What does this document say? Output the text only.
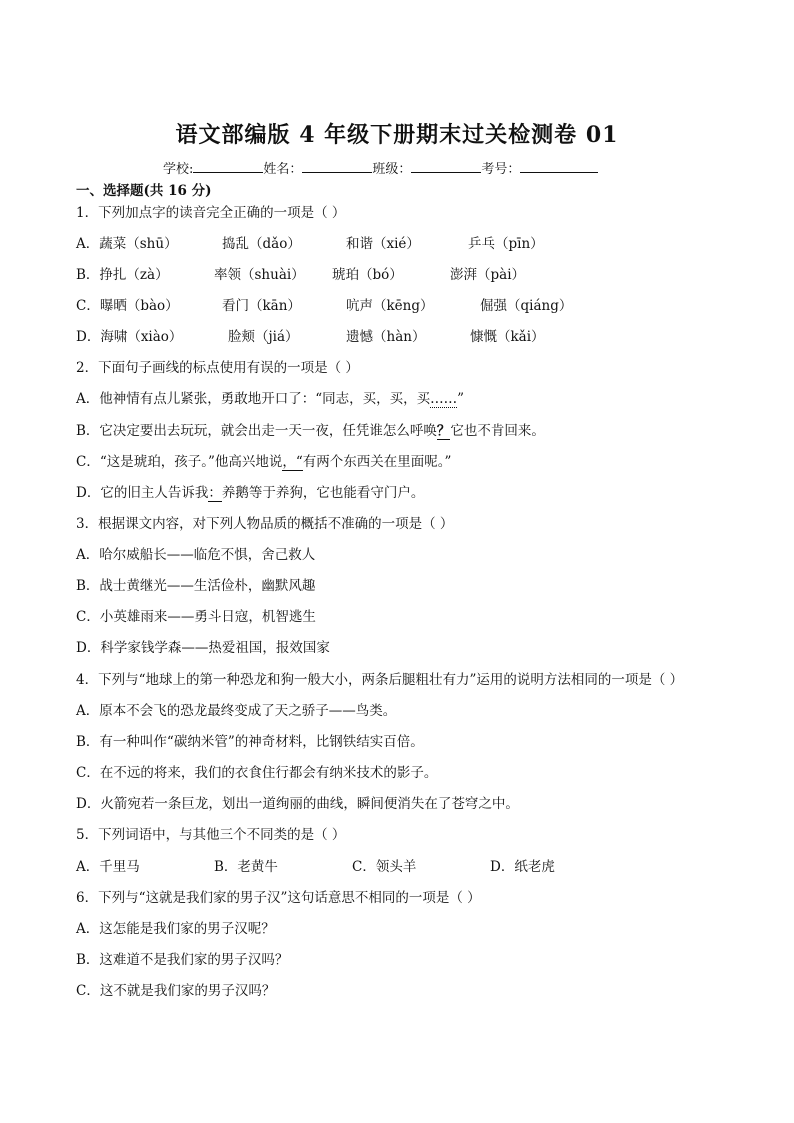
语文部编版 4 年级下册期末过关检测卷 01
学校:	姓名：	班级：	考号：
一、选择题(共 16 分)
1．下列加点字的读音完全正确的一项是（ ）
A．蔬菜（shū）	捣乱（dǎo）	和谐（xié）	乒乓（pīn）
B．挣扎（zà）	率领（shuài） 琥珀（bó）	澎湃（pài）
C．曝晒（bào）	看门（kān）	吭声（kēng）	倔强（qiáng）
D．海啸（xiào）	脸颊（jiá）	遗憾（hàn）	慷慨（kǎi）
2．下面句子画线的标点使用有误的一项是（ ）
A．他神情有点儿紧张，勇敢地开口了：“同志，买，买，买……”
B．它决定要出去玩玩，就会出走一天一夜，任凭谁怎么呼唤？它也不肯回来。
C．“这是琥珀，孩子。”他高兴地说，“有两个东西关在里面呢。”
D．它的旧主人告诉我：养鹅等于养狗，它也能看守门户。
3．根据课文内容，对下列人物品质的概括不准确的一项是（ ）
A．哈尔威船长——临危不惧，舍己救人
B．战士黄继光——生活俭朴，幽默风趣
C．小英雄雨来——勇斗日寇，机智逃生
D．科学家钱学森——热爱祖国，报效国家
4．下列与“地球上的第一种恐龙和狗一般大小，两条后腿粗壮有力”运用的说明方法相同的一项是（ ）
A．原本不会飞的恐龙最终变成了天之骄子——鸟类。
B．有一种叫作“碳纳米管”的神奇材料，比钢铁结实百倍。
C．在不远的将来，我们的衣食住行都会有纳米技术的影子。
D．火箭宛若一条巨龙，划出一道绚丽的曲线，瞬间便消失在了苍穹之中。
5．下列词语中，与其他三个不同类的是（ ）
A．千里马	B．老黄牛	C．领头羊	D．纸老虎
6．下列与“这就是我们家的男子汉”这句话意思不相同的一项是（ ）
A．这怎能是我们家的男子汉呢？
B．这难道不是我们家的男子汉吗？
C．这不就是我们家的男子汉吗？
